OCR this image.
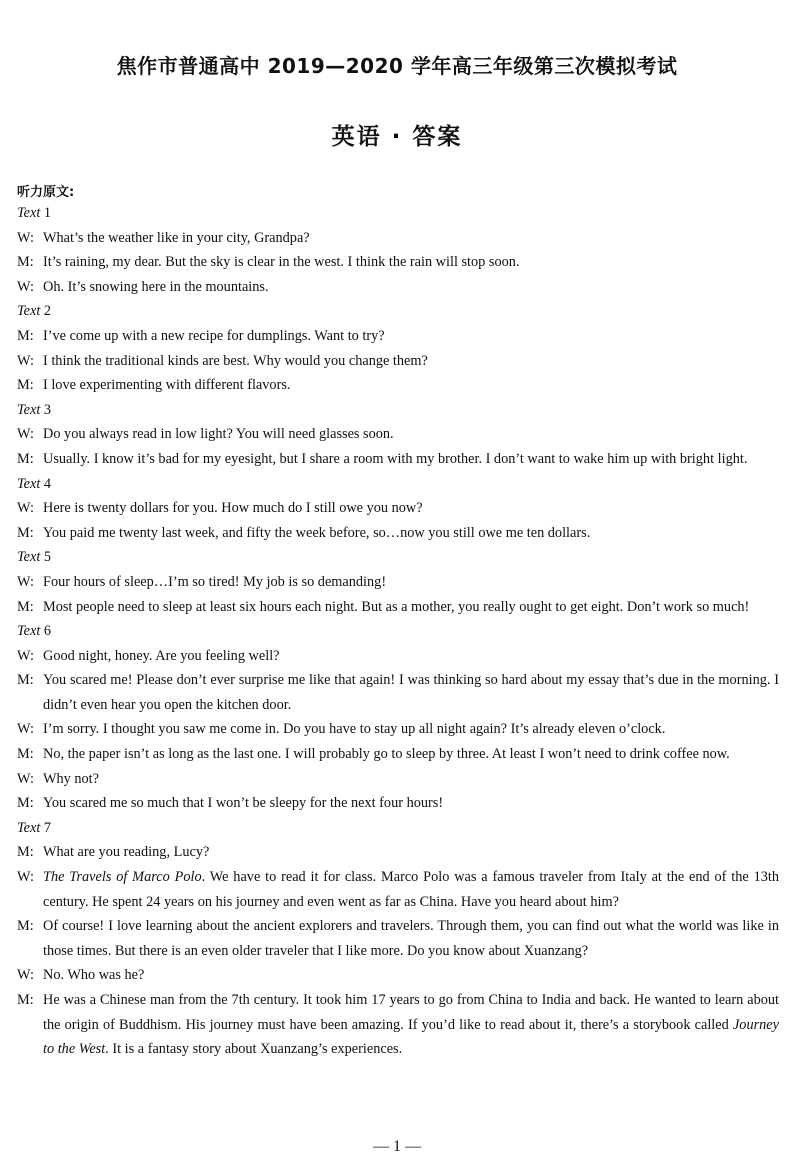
焦作市普通高中 2019—2020 学年高三年级第三次模拟考试
英语 · 答案
听力原文:
Text 1
W: What’s the weather like in your city, Grandpa?
M: It’s raining, my dear. But the sky is clear in the west. I think the rain will stop soon.
W: Oh. It’s snowing here in the mountains.
Text 2
M: I’ve come up with a new recipe for dumplings. Want to try?
W: I think the traditional kinds are best. Why would you change them?
M: I love experimenting with different flavors.
Text 3
W: Do you always read in low light? You will need glasses soon.
M: Usually. I know it’s bad for my eyesight, but I share a room with my brother. I don’t want to wake him up with bright light.
Text 4
W: Here is twenty dollars for you. How much do I still owe you now?
M: You paid me twenty last week, and fifty the week before, so…now you still owe me ten dollars.
Text 5
W: Four hours of sleep…I’m so tired! My job is so demanding!
M: Most people need to sleep at least six hours each night. But as a mother, you really ought to get eight. Don’t work so much!
Text 6
W: Good night, honey. Are you feeling well?
M: You scared me! Please don’t ever surprise me like that again! I was thinking so hard about my essay that’s due in the morning. I didn’t even hear you open the kitchen door.
W: I’m sorry. I thought you saw me come in. Do you have to stay up all night again? It’s already eleven o’clock.
M: No, the paper isn’t as long as the last one. I will probably go to sleep by three. At least I won’t need to drink coffee now.
W: Why not?
M: You scared me so much that I won’t be sleepy for the next four hours!
Text 7
M: What are you reading, Lucy?
W: The Travels of Marco Polo. We have to read it for class. Marco Polo was a famous traveler from Italy at the end of the 13th century. He spent 24 years on his journey and even went as far as China. Have you heard about him?
M: Of course! I love learning about the ancient explorers and travelers. Through them, you can find out what the world was like in those times. But there is an even older traveler that I like more. Do you know about Xuanzang?
W: No. Who was he?
M: He was a Chinese man from the 7th century. It took him 17 years to go from China to India and back. He wanted to learn about the origin of Buddhism. His journey must have been amazing. If you’d like to read about it, there’s a storybook called Journey to the West. It is a fantasy story about Xuanzang’s experiences.
— 1 —
